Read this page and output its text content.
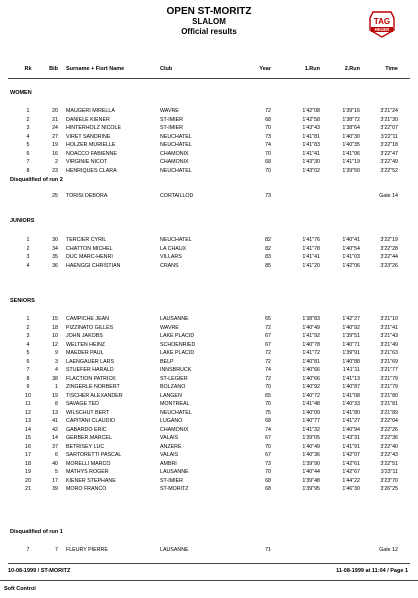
OPEN ST-MORITZ
SLALOM
Official results
TAG
HEUER
Rk	Bib Surname + Fisrt Name	Club	Year	1.Run	2.Run	Time
WOMEN
1	20 MAUGERI MIRELLA	WAVRE	72	1'42"08	1'39"16	3'21"24
2	21 DANIELE KIENER	ST-IMIER	68	1'42"58	1'38"72	3'21"30
3	24 HINTERHOLZ NICOLE	ST-IMIER	70	1'43"43	1'38"64	3'22"07
4	27 VIRET SANDRINE	NEUCHATEL	73	1'41"81	1'40"30	3'22"11
5	19 HOLZER MURIELLE	NEUCHATEL	74	1'41"83	1'40"35	3'22"18
6	16 NOACCO FABIENNE	CHAMONIX	70	1'41"41	1'41"06	3'22"47
7	2 VIRGINIE NICOT	CHAMONIX	68	1'43"30	1'41"19	3'22"49
8	23 HENRIQUES CLARA	NEUCHATEL	70	1'43"02	1'39"50	3'22"52
Disqualified of run 2
25 TORISI DEBORA	CORTAILLOD	73	Gate 14
JUNIORS
1	30 TERCIER CYRIL	NEUCHATEL	82	1'41"76	1'40"41	3'22"19
2	34 CHATTON MICHEL	LA CHAUX	82	1'41"78	1'40"54	3'22"28
3	35 DUC MARC-HENRI	VILLARS	83	1'41"41	1'41"03	3'22"44
4	36 HAENGGI CHRISTIAN	CRANS	85	1'41"20	1'42"06	3'23"26
SENIORS
1	15 CAMPICHE JEAN	LAUSANNE	65	1'38"83	1'42"27	3'21"10
2	18 PIZZINATO GILLES	WAVRE	72	1'40"49	1'40"92	3'21"41
3	10 JOHN JAKOBS	LAKE PLACID	67	1'41"92	1'39"51	3'21"43
4	12 WELTEN HEINZ	SCHOENRIED	67	1'40"78	1'40"71	3'21"49
5	9 MAEDER PAUL	LAKE PLACID	72	1'41"72	1'39"91	3'21"63
6	3 LAENGAUER LARS	BELP	72	1'40"81	1'40"88	3'21"69
7	4 STUEFER HARALD	INNSBRUCK	74	1'40"66	1'41"11	3'21"77
8	38 FLACTION PATRICK	ST-LEGIER	72	1'40"66	1'41"13	3'21"79
9	1 ZINGERLE NORBERT	BOLZANO	70	1'40"92	1'40"87	3'21"79
10	19 TISCHER ALEXANDER	LANGEN	65	1'40"72	1'41"08	3'21"80
11	8 SAVAGE TED	MONTREAL	70	1'41"48	1'40"33	3'21"81
12	13 WILSCHUT BERT	NEUCHATEL	75	1'40"09	1'41"80	3'21"89
13	41 CAPITANI CLAUDIO	LUGANO	68	1'40"77	1'41"27	3'22"04
14	42 GABARDO ERIC	CHAMONIX	74	1'41"32	1'40"94	3'22"26
15	14 GERBER MARCEL	VALAIS	67	1'39"05	1'43"31	3'22"36
16	37 BETRISEY LUC	ANZERE	70	1'40"49	1'41"91	3'22"40
17	6 SARTORETTI PASCAL	VALAIS	67	1'40"36	1'42"07	3'22"43
18	40 MORELLI MARCO	AMBRI	73	1'39"90	1'42"61	3'22"51
19	5 MATHYS ROGER	LAUSANNE	70	1'40"44	1'42"67	3'23"11
20	17 KIENER STEPHANE	ST-IMIER	68	1'39"48	1'44"22	3'23"70
21	39 MORO FRANCO	ST-MORITZ	68	1'39"95	1'46"30	3'26"25
Disqualified of run 1
7	7 FLEURY PIERRE	LAUSANNE	71	Gate 12
10-08-1999 / ST-MORITZ	11-08-1999 at 11:04 / Page 1
Soft Control
